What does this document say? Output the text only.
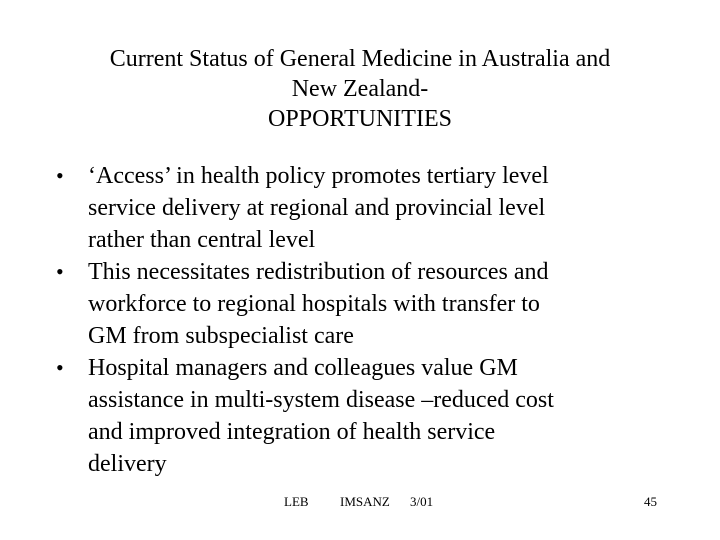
Current Status of General Medicine in Australia and
New Zealand-
OPPORTUNITIES
• ‘Access’ in health policy promotes tertiary level
service delivery at regional and provincial level
rather than central level
• This necessitates redistribution of resources and
workforce to regional hospitals with transfer to
GM from subspecialist care
• Hospital managers and colleagues value GM
assistance in multi-system disease –reduced cost
and improved integration of health service
delivery
LEB IMSANZ 3/01	45
